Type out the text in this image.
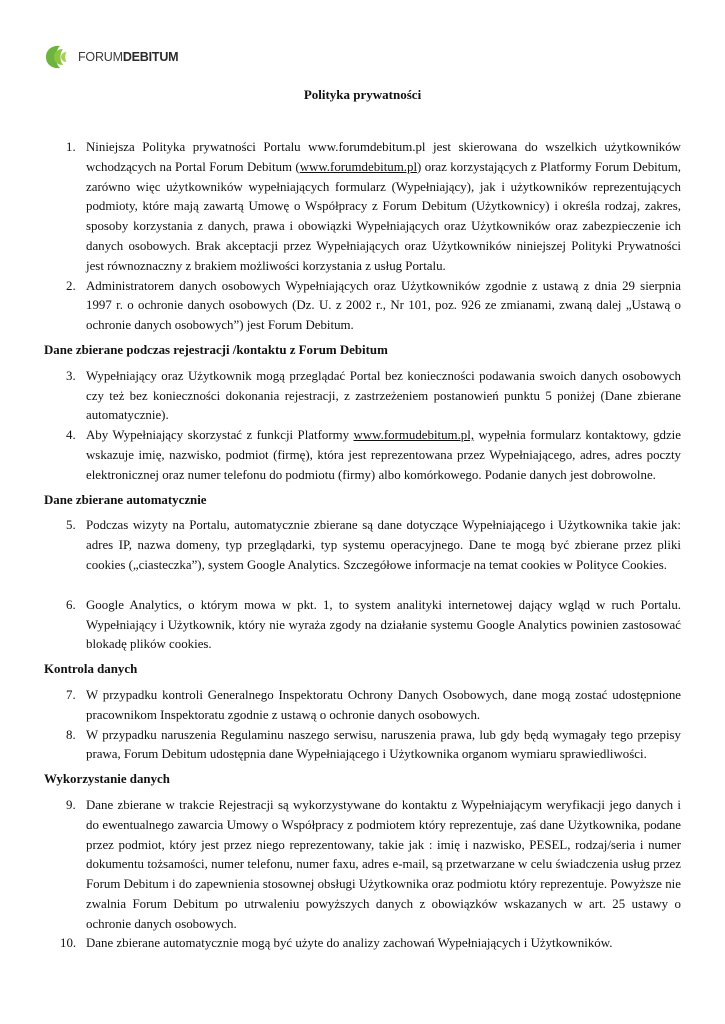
FORUMDEBITUM
Polityka prywatności
1. Niniejsza Polityka prywatności Portalu www.forumdebitum.pl jest skierowana do wszelkich użytkowników wchodzących na Portal Forum Debitum (www.forumdebitum.pl) oraz korzystających z Platformy Forum Debitum, zarówno więc użytkowników wypełniających formularz (Wypełniający), jak i użytkowników reprezentujących podmioty, które mają zawartą Umowę o Współpracy z Forum Debitum (Użytkownicy) i określa rodzaj, zakres, sposoby korzystania z danych, prawa i obowiązki Wypełniających oraz Użytkowników oraz zabezpieczenie ich danych osobowych. Brak akceptacji przez Wypełniających oraz Użytkowników niniejszej Polityki Prywatności jest równoznaczny z brakiem możliwości korzystania z usług Portalu.
2. Administratorem danych osobowych Wypełniających oraz Użytkowników zgodnie z ustawą z dnia 29 sierpnia 1997 r. o ochronie danych osobowych (Dz. U. z 2002 r., Nr 101, poz. 926 ze zmianami, zwaną dalej „Ustawą o ochronie danych osobowych”) jest Forum Debitum.
Dane zbierane podczas rejestracji /kontaktu z Forum Debitum
3. Wypełniający oraz Użytkownik mogą przeglądać Portal bez konieczności podawania swoich danych osobowych czy też bez konieczności dokonania rejestracji, z zastrzeżeniem postanowień punktu 5 poniżej (Dane zbierane automatycznie).
4. Aby Wypełniający skorzystać z funkcji Platformy www.formudebitum.pl, wypełnia formularz kontaktowy, gdzie wskazuje imię, nazwisko, podmiot (firmę), która jest reprezentowana przez Wypełniającego, adres, adres poczty elektronicznej oraz numer telefonu do podmiotu (firmy) albo komórkowego. Podanie danych jest dobrowolne.
Dane zbierane automatycznie
5. Podczas wizyty na Portalu, automatycznie zbierane są dane dotyczące Wypełniającego i Użytkownika takie jak: adres IP, nazwa domeny, typ przeglądarki, typ systemu operacyjnego. Dane te mogą być zbierane przez pliki cookies („ciasteczka”), system Google Analytics. Szczegółowe informacje na temat cookies w Polityce Cookies.
6. Google Analytics, o którym mowa w pkt. 1, to system analityki internetowej dający wgląd w ruch Portalu. Wypełniający i Użytkownik, który nie wyraża zgody na działanie systemu Google Analytics powinien zastosować blokadę plików cookies.
Kontrola danych
7. W przypadku kontroli Generalnego Inspektoratu Ochrony Danych Osobowych, dane mogą zostać udostępnione pracownikom Inspektoratu zgodnie z ustawą o ochronie danych osobowych.
8. W przypadku naruszenia Regulaminu naszego serwisu, naruszenia prawa, lub gdy będą wymagały tego przepisy prawa, Forum Debitum udostępnia dane Wypełniającego i Użytkownika organom wymiaru sprawiedliwości.
Wykorzystanie danych
9. Dane zbierane w trakcie Rejestracji są wykorzystywane do kontaktu z Wypełniającym weryfikacji jego danych i do ewentualnego zawarcia Umowy o Współpracy z podmiotem który reprezentuje, zaś dane Użytkownika, podane przez podmiot, który jest przez niego reprezentowany, takie jak : imię i nazwisko, PESEL, rodzaj/seria i numer dokumentu tożsamości, numer telefonu, numer faxu, adres e-mail, są przetwarzane w celu świadczenia usług przez Forum Debitum i do zapewnienia stosownej obsługi Użytkownika oraz podmiotu który reprezentuje. Powyższe nie zwalnia Forum Debitum po utrwaleniu powyższych danych z obowiązków wskazanych w art. 25 ustawy o ochronie danych osobowych.
10. Dane zbierane automatycznie mogą być użyte do analizy zachowań Wypełniających i Użytkowników.
